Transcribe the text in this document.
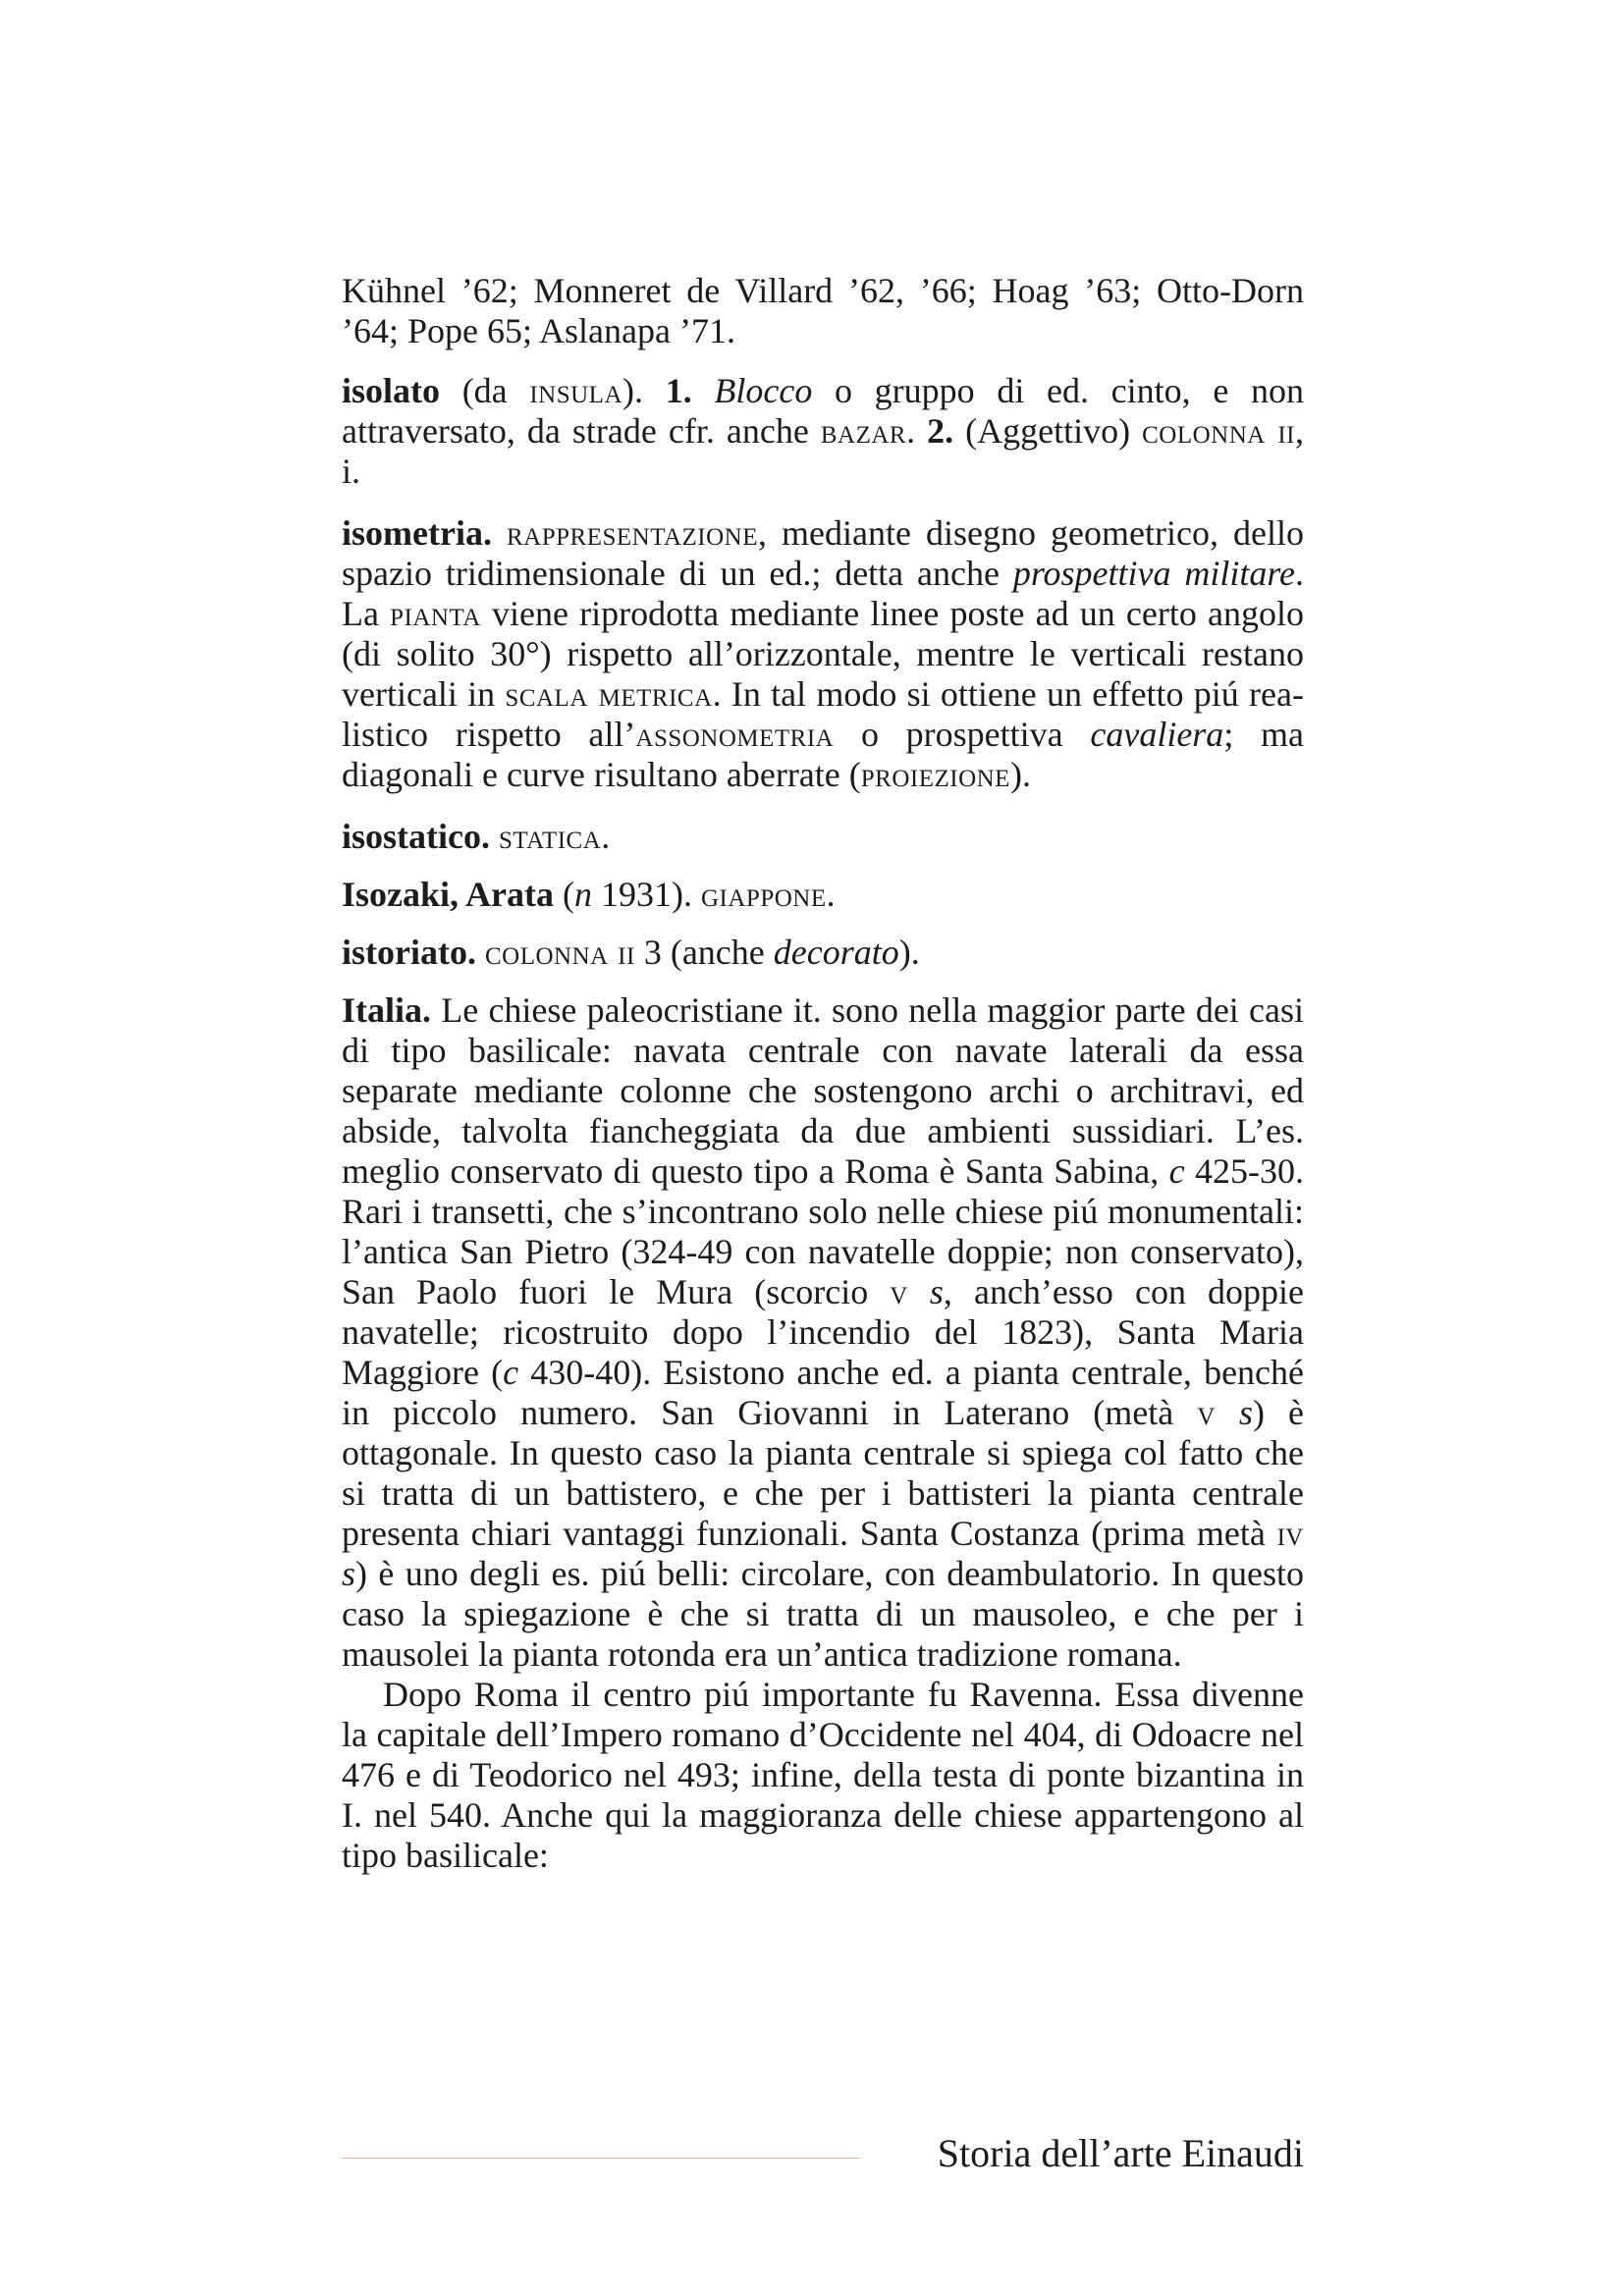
Kühnel ’62; Monneret de Villard ’62, ’66; Hoag ’63; Otto-Dorn ’64; Pope 65; Aslanapa ’71.

isolato (da insula). 1. Blocco o gruppo di ed. cinto, e non attraversato, da strade cfr. anche bazar. 2. (Aggettivo) colonna ii, i.

isometria. rappresentazione, mediante disegno geometrico, dello spazio tridimensionale di un ed.; detta anche prospettiva militare. La pianta viene riprodotta mediante linee poste ad un certo angolo (di solito 30°) rispetto all’orizzontale, mentre le verticali restano verticali in scala metrica. In tal modo si ottiene un effetto piú realistico rispetto all’assonometria o prospettiva cavaliera; ma diagonali e curve risultano aberrate (proiezione).

isostatico. statica.

Isozaki, Arata (n 1931). giappone.

istoriato. colonna ii 3 (anche decorato).

Italia. Le chiese paleocristiane it. sono nella maggior parte dei casi di tipo basilicale: navata centrale con navate laterali da essa separate mediante colonne che sostengono archi o architravi, ed abside, talvolta fiancheggiata da due ambienti sussidiari. L’es. meglio conservato di questo tipo a Roma è Santa Sabina, c 425-30. Rari i transetti, che s’incontrano solo nelle chiese piú monumentali: l’antica San Pietro (324-49 con navatelle doppie; non conservato), San Paolo fuori le Mura (scorcio v s, anch’esso con doppie navatelle; ricostruito dopo l’incendio del 1823), Santa Maria Maggiore (c 430-40). Esistono anche ed. a pianta centrale, benché in piccolo numero. San Giovanni in Laterano (metà v s) è ottagonale. In questo caso la pianta centrale si spiega col fatto che si tratta di un battistero, e che per i battisteri la pianta centrale presenta chiari vantaggi funzionali. Santa Costanza (prima metà iv s) è uno degli es. piú belli: circolare, con deambulatorio. In questo caso la spiegazione è che si tratta di un mausoleo, e che per i mausolei la pianta rotonda era un’antica tradizione romana.

Dopo Roma il centro piú importante fu Ravenna. Essa divenne la capitale dell’Impero romano d’Occidente nel 404, di Odoacre nel 476 e di Teodorico nel 493; infine, della testa di ponte bizantina in I. nel 540. Anche qui la maggioranza delle chiese appartengono al tipo basilicale:

Storia dell’arte Einaudi
